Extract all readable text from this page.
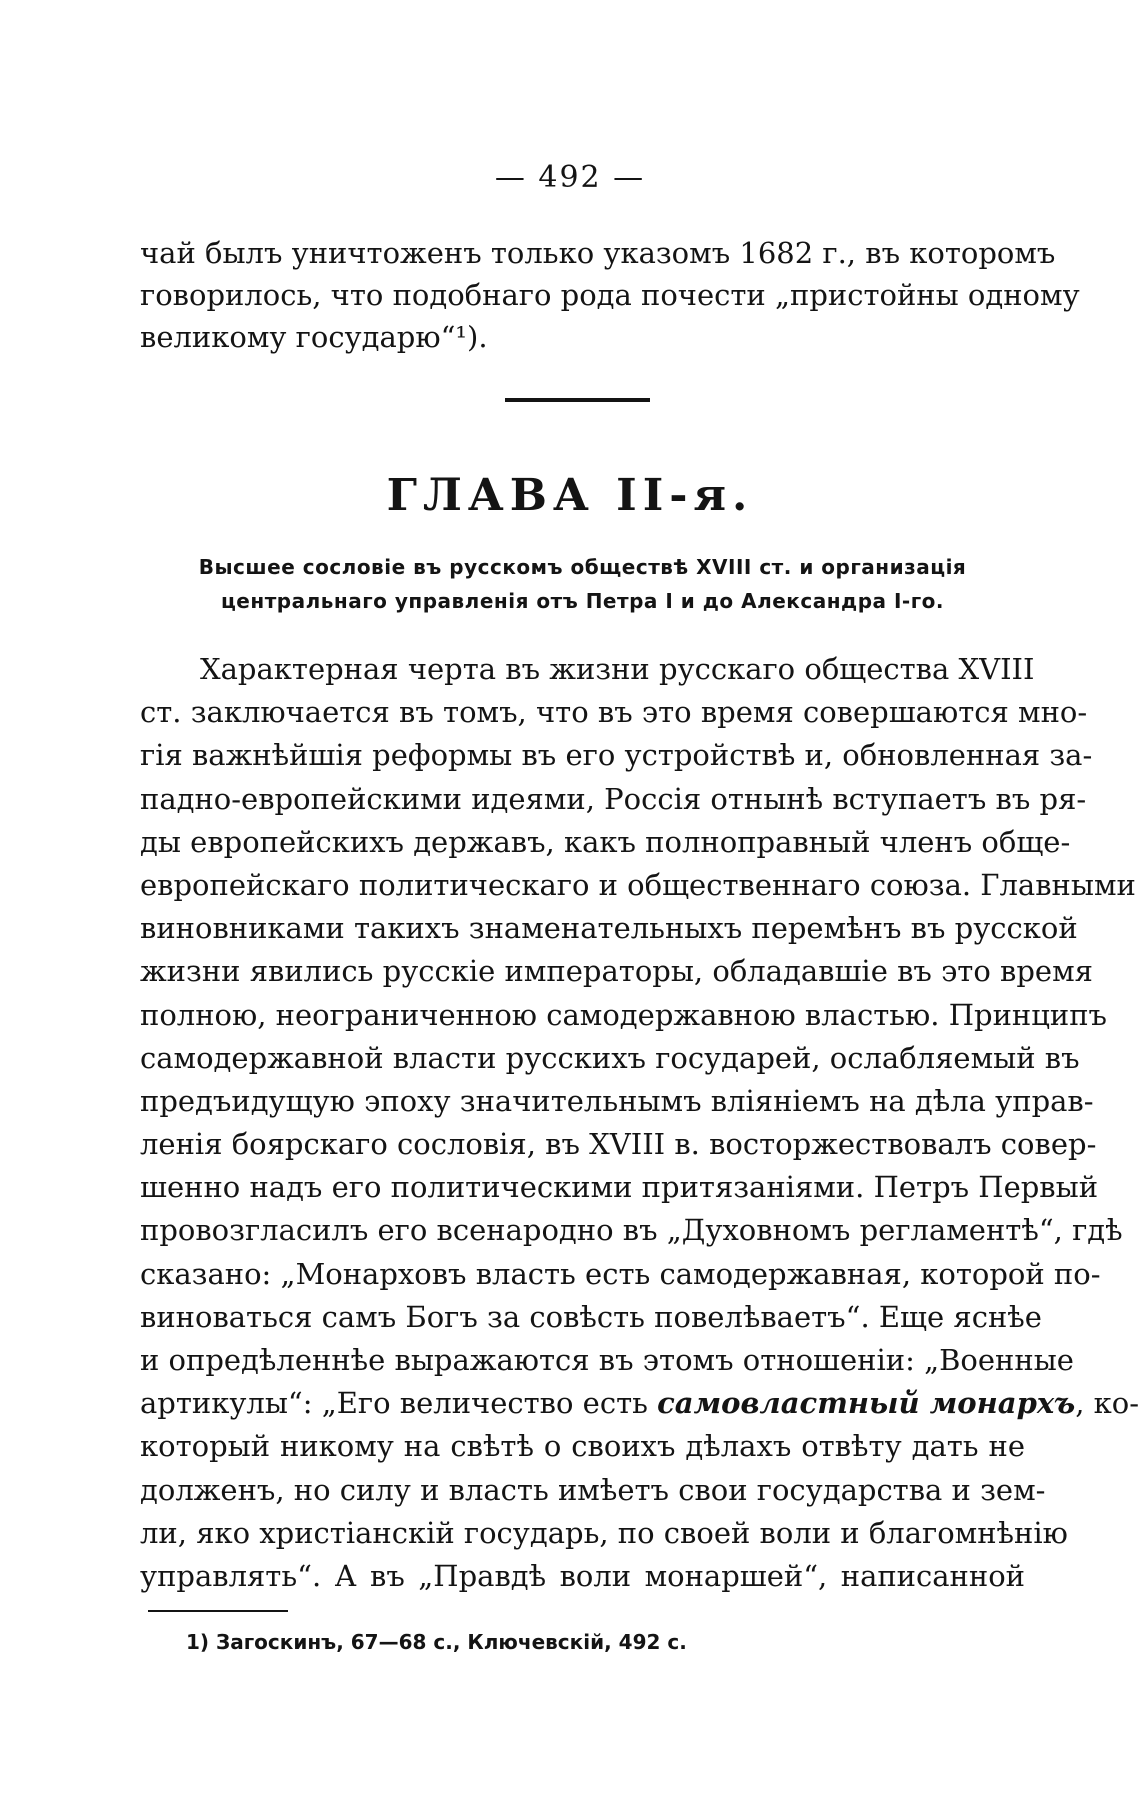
— 492 —
чай былъ уничтоженъ только указомъ 1682 г., въ которомъ
говорилось, что подобнаго рода почести „пристойны одному
великому государю“¹).
ГЛАВА II-я.
Высшее сословіе въ русскомъ обществѣ XVIII ст. и организація
центральнаго управленія отъ Петра I и до Александра I-го.
Характерная черта въ жизни русскаго общества XVIII
ст. заключается въ томъ, что въ это время совершаются мно-
гія важнѣйшія реформы въ его устройствѣ и, обновленная за-
падно-европейскими идеями, Россія отнынѣ вступаетъ въ ря-
ды европейскихъ державъ, какъ полноправный членъ обще-
европейскаго политическаго и общественнаго союза. Главными
виновниками такихъ знаменательныхъ перемѣнъ въ русской
жизни явились русскіе императоры, обладавшіе въ это время
полною, неограниченною самодержавною властью. Принципъ
самодержавной власти русскихъ государей, ослабляемый въ
предъидущую эпоху значительнымъ вліяніемъ на дѣла управ-
ленія боярскаго сословія, въ XVIII в. восторжествовалъ совер-
шенно надъ его политическими притязаніями. Петръ Первый
провозгласилъ его всенародно въ „Духовномъ регламентѣ“, гдѣ
сказано: „Монарховъ власть есть самодержавная, которой по-
виноваться самъ Богъ за совѣсть повелѣваетъ“. Еще яснѣе
и опредѣленнѣе выражаются въ этомъ отношеніи: „Военные
артикулы“: „Его величество есть самовластный монархъ, ко-
который никому на свѣтѣ о своихъ дѣлахъ отвѣту дать не
долженъ, но силу и власть имѣетъ свои государства и зем-
ли, яко христіанскій государь, по своей воли и благомнѣнію
управлять“. А въ „Правдѣ воли монаршей“, написанной
1) Загоскинъ, 67—68 с., Ключевскій, 492 с.
